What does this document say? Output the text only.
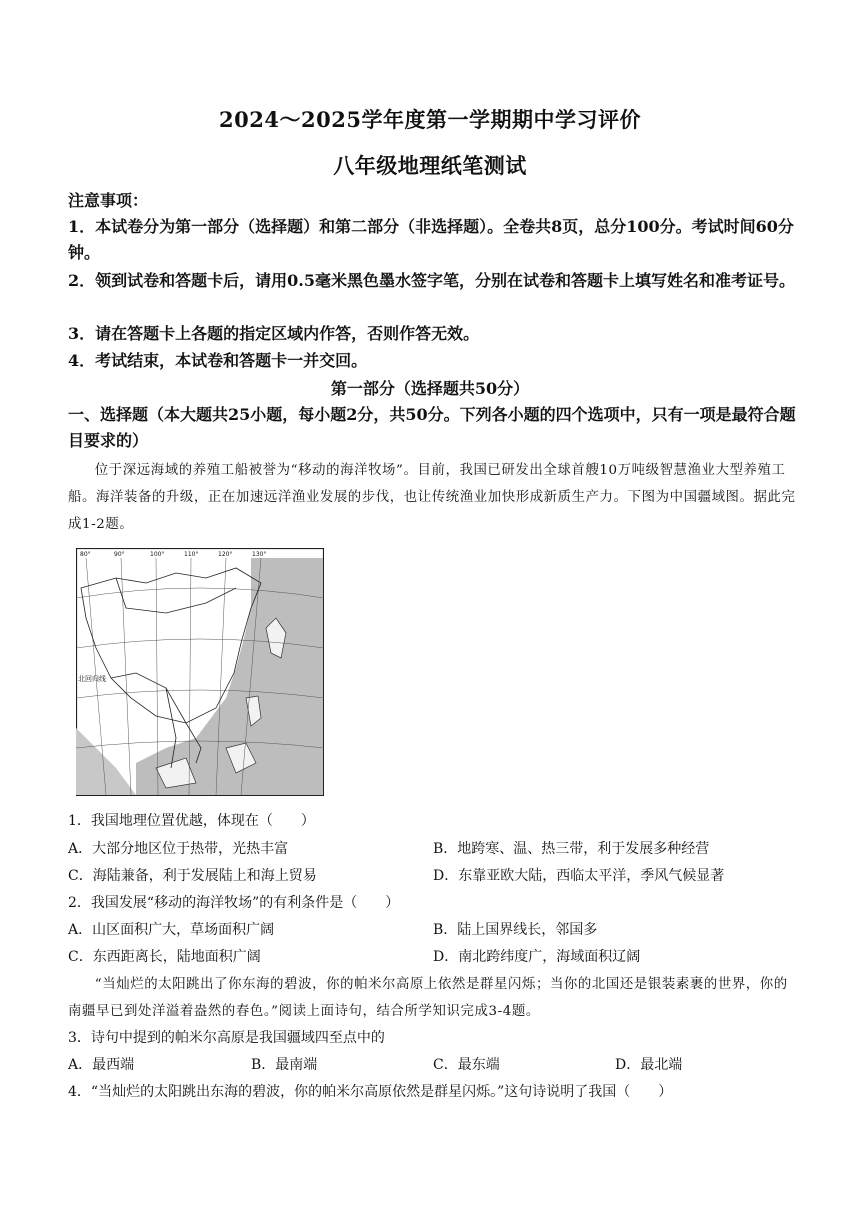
2024～2025学年度第一学期期中学习评价
八年级地理纸笔测试
注意事项：
1．本试卷分为第一部分（选择题）和第二部分（非选择题）。全卷共8页，总分100分。考试时间60分钟。
2．领到试卷和答题卡后，请用0.5毫米黑色墨水签字笔，分别在试卷和答题卡上填写姓名和准考证号。
3．请在答题卡上各题的指定区域内作答，否则作答无效。
4．考试结束，本试卷和答题卡一并交回。
第一部分（选择题共50分）
一、选择题（本大题共25小题，每小题2分，共50分。下列各小题的四个选项中，只有一项是最符合题目要求的）
位于深远海域的养殖工船被誉为“移动的海洋牧场”。目前，我国已研发出全球首艘10万吨级智慧渔业大型养殖工船。海洋装备的升级，正在加速远洋渔业发展的步伐，也让传统渔业加快形成新质生产力。下图为中国疆域图。据此完成1-2题。
80°	90°	100°	110°	120°	130°
北回归线
1．我国地理位置优越，体现在（　　）
A．大部分地区位于热带，光热丰富	B．地跨寒、温、热三带，利于发展多种经营
C．海陆兼备，利于发展陆上和海上贸易	D．东靠亚欧大陆，西临太平洋，季风气候显著
2．我国发展“移动的海洋牧场”的有利条件是（　　）
A．山区面积广大，草场面积广阔	B．陆上国界线长，邻国多
C．东西距离长，陆地面积广阔	D．南北跨纬度广，海域面积辽阔
“当灿烂的太阳跳出了你东海的碧波，你的帕米尔高原上依然是群星闪烁；当你的北国还是银装素裹的世界，你的南疆早已到处洋溢着盎然的春色。”阅读上面诗句，结合所学知识完成3-4题。
3．诗句中提到的帕米尔高原是我国疆域四至点中的
A．最西端	B．最南端	C．最东端	D．最北端
4．“当灿烂的太阳跳出东海的碧波，你的帕米尔高原依然是群星闪烁。”这句诗说明了我国（　　）
